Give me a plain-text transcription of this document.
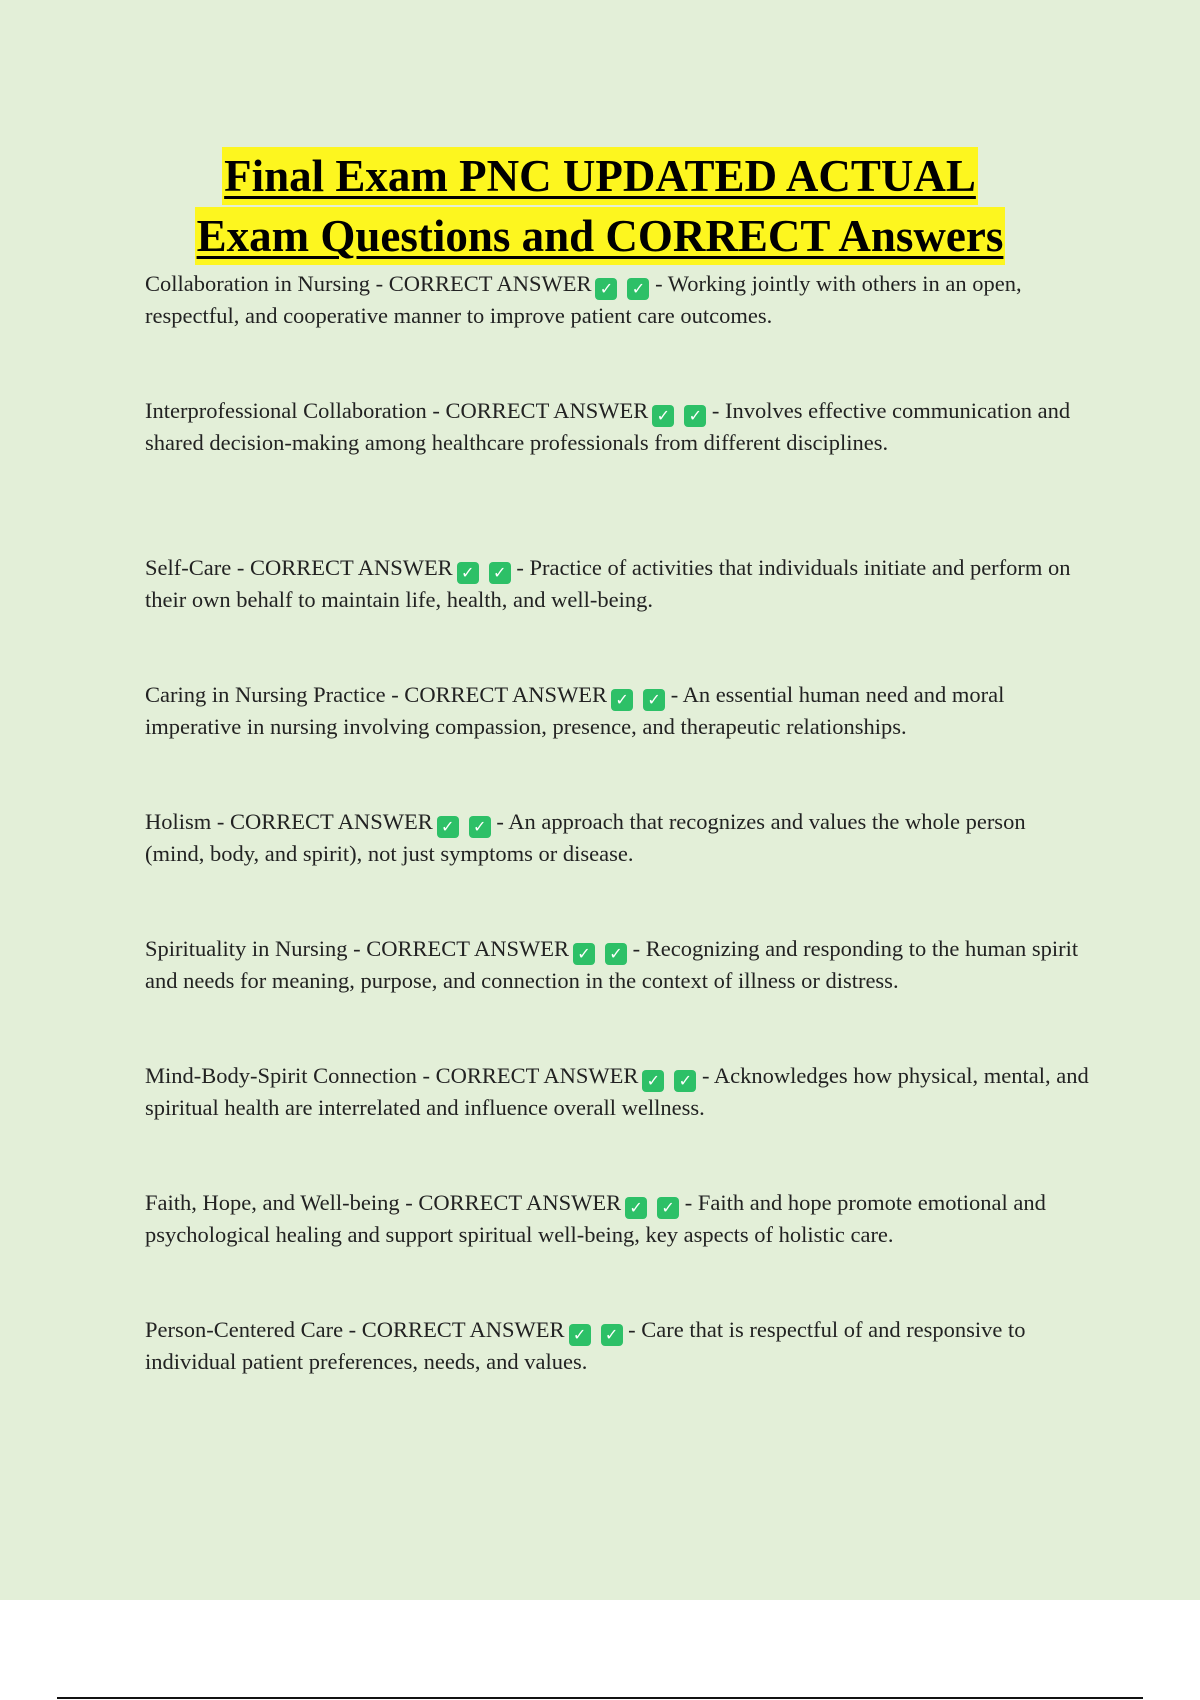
Final Exam PNC UPDATED ACTUAL
Exam Questions and CORRECT Answers

Collaboration in Nursing - CORRECT ANSWER ✓ ✓ - Working jointly with others in an open, respectful, and cooperative manner to improve patient care outcomes.

Interprofessional Collaboration - CORRECT ANSWER ✓ ✓ - Involves effective communication and shared decision-making among healthcare professionals from different disciplines.

Self-Care - CORRECT ANSWER ✓ ✓ - Practice of activities that individuals initiate and perform on their own behalf to maintain life, health, and well-being.

Caring in Nursing Practice - CORRECT ANSWER ✓ ✓ - An essential human need and moral imperative in nursing involving compassion, presence, and therapeutic relationships.

Holism - CORRECT ANSWER ✓ ✓ - An approach that recognizes and values the whole person (mind, body, and spirit), not just symptoms or disease.

Spirituality in Nursing - CORRECT ANSWER ✓ ✓ - Recognizing and responding to the human spirit and needs for meaning, purpose, and connection in the context of illness or distress.

Mind-Body-Spirit Connection - CORRECT ANSWER ✓ ✓ - Acknowledges how physical, mental, and spiritual health are interrelated and influence overall wellness.

Faith, Hope, and Well-being - CORRECT ANSWER ✓ ✓ - Faith and hope promote emotional and psychological healing and support spiritual well-being, key aspects of holistic care.

Person-Centered Care - CORRECT ANSWER ✓ ✓ - Care that is respectful of and responsive to individual patient preferences, needs, and values.
